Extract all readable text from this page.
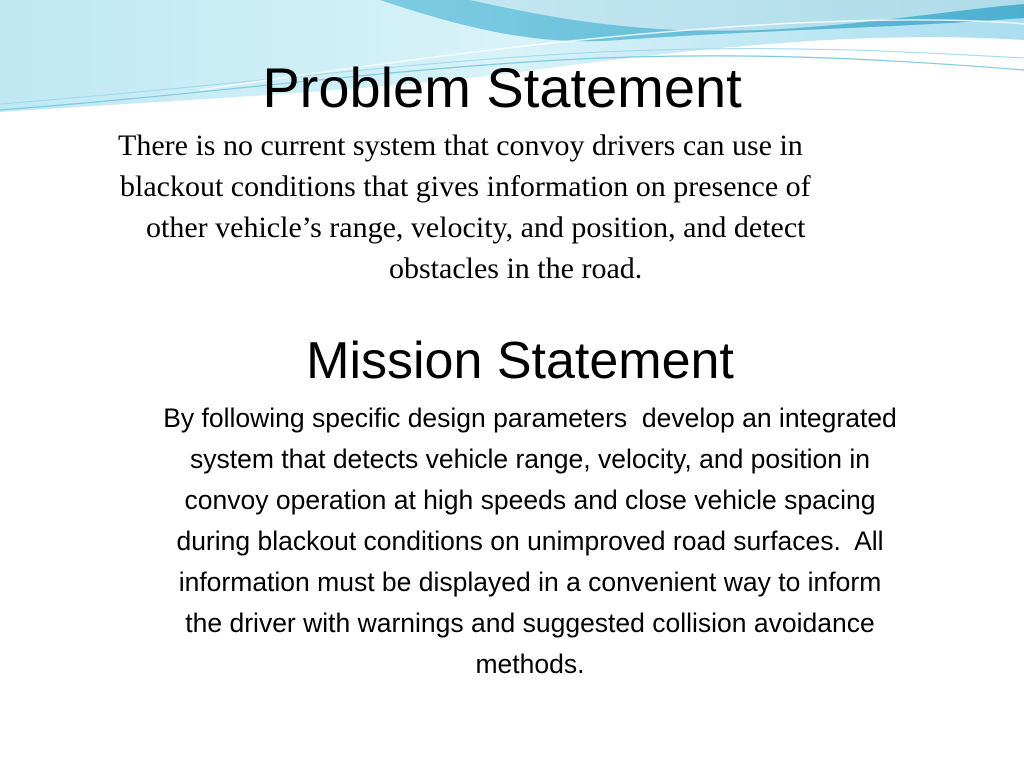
Problem Statement
There is no current system that convoy drivers can use in
blackout conditions that gives information on presence of
other vehicle’s range, velocity, and position, and detect
obstacles in the road.
Mission Statement
By following specific design parameters  develop an integrated
system that detects vehicle range, velocity, and position in
convoy operation at high speeds and close vehicle spacing
during blackout conditions on unimproved road surfaces.  All
information must be displayed in a convenient way to inform
the driver with warnings and suggested collision avoidance
methods.
